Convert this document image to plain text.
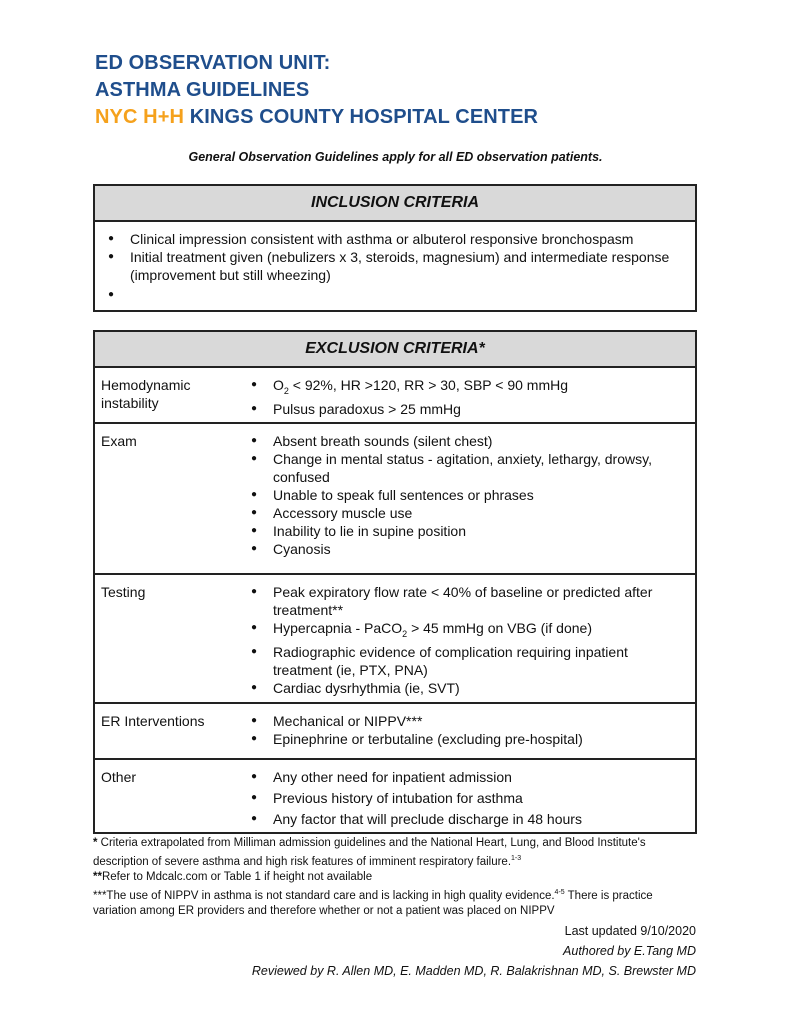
ED OBSERVATION UNIT:
ASTHMA GUIDELINES
NYC H+H KINGS COUNTY HOSPITAL CENTER
General Observation Guidelines apply for all ED observation patients.
INCLUSION CRITERIA
● Clinical impression consistent with asthma or albuterol responsive bronchospasm
● Initial treatment given (nebulizers x 3, steroids, magnesium) and intermediate response (improvement but still wheezing)
●
EXCLUSION CRITERIA*
Hemodynamic instability
● $O_2 < 92\%$, HR >120, RR > 30, SBP < 90 mmHg
● Pulsus paradoxus > 25 mmHg
Exam	● Absent breath sounds (silent chest)
● Change in mental status - agitation, anxiety, lethargy, drowsy, confused
● Unable to speak full sentences or phrases
● Accessory muscle use
● Inability to lie in supine position
● Cyanosis
Testing	● Peak expiratory flow rate < 40% of baseline or predicted after treatment**
● Hypercapnia - PaCO$_2$ > 45 mmHg on VBG (if done)
● Radiographic evidence of complication requiring inpatient treatment (ie, PTX, PNA)
● Cardiac dysrhythmia (ie, SVT)
ER Interventions	● Mechanical or NIPPV***
● Epinephrine or terbutaline (excluding pre-hospital)
Other	● Any other need for inpatient admission
● Previous history of intubation for asthma
● Any factor that will preclude discharge in 48 hours
* Criteria extrapolated from Milliman admission guidelines and the National Heart, Lung, and Blood Institute's description of severe asthma and high risk features of imminent respiratory failure.$^{1-3}$
**Refer to Mdcalc.com or Table 1 if height not available
***The use of NIPPV in asthma is not standard care and is lacking in high quality evidence.$^{4-5}$ There is practice variation among ER providers and therefore whether or not a patient was placed on NIPPV
Last updated 9/10/2020
Authored by E.Tang MD
Reviewed by R. Allen MD, E. Madden MD, R. Balakrishnan MD, S. Brewster MD
